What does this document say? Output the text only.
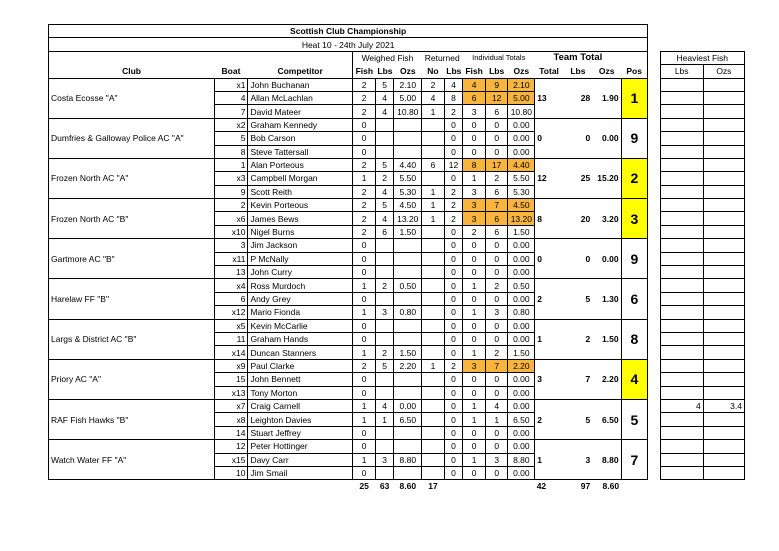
Scottish Club Championship																	
Heat 10 - 24th July 2021																	
			Weighed Fish			Returned		Individual Totals			Team Total					Heaviest Fish	
Club	Boat	Competitor	Fish	Lbs	Ozs	No	Lbs	Fish	Lbs	Ozs	Total	Lbs	Ozs	Pos		Lbs	Ozs
Costa Ecosse "A"	x1	John Buchanan	2	5	2.10	2	4	4	9	2.10	13	28	1.90	1			
	4	Allan McLachlan	2	4	5.00	4	8	6	12	5.00							
	7	David Mateer	2	4	10.80	1	2	3	6	10.80							
Dumfries & Galloway Police AC "A"	x2	Graham Kennedy	0				0	0	0	0.00	0	0	0.00	9			
	5	Bob Carson	0				0	0	0	0.00							
	8	Steve Tattersall	0				0	0	0	0.00							
Frozen North AC "A"	1	Alan Porteous	2	5	4.40	6	12	8	17	4.40	12	25	15.20	2			
	x3	Campbell Morgan	1	2	5.50		0	1	2	5.50							
	9	Scott Reith	2	4	5.30	1	2	3	6	5.30							
Frozen North AC "B"	2	Kevin Porteous	2	5	4.50	1	2	3	7	4.50	8	20	3.20	3			
	x6	James Bews	2	4	13.20	1	2	3	6	13.20							
	x10	Nigel Burns	2	6	1.50		0	2	6	1.50							
Gartmore AC "B"	3	Jim Jackson	0				0	0	0	0.00	0	0	0.00	9			
	x11	P McNally	0				0	0	0	0.00							
	13	John Curry	0				0	0	0	0.00							
Harelaw FF "B"	x4	Ross Murdoch	1	2	0.50		0	1	2	0.50	2	5	1.30	6			
	6	Andy Grey	0				0	0	0	0.00							
	x12	Mario Fionda	1	3	0.80		0	1	3	0.80							
Largs & District AC "B"	x5	Kevin McCarlie	0				0	0	0	0.00	1	2	1.50	8			
	11	Graham Hands	0				0	0	0	0.00							
	x14	Duncan Stanners	1	2	1.50		0	1	2	1.50							
Priory AC "A"	x9	Paul Clarke	2	5	2.20	1	2	3	7	2.20	3	7	2.20	4			
	15	John Bennett	0				0	0	0	0.00							
	x13	Tony Morton	0				0	0	0	0.00							
RAF Fish Hawks "B"	x7	Craig Carnell	1	4	0.00		0	1	4	0.00	2	5	6.50	5		4	3.4
	x8	Leighton Davies	1	1	6.50		0	1	1	6.50							
	14	Stuart Jeffrey	0				0	0	0	0.00							
Watch Water FF "A"	12	Peter Hottinger	0				0	0	0	0.00	1	3	8.80	7			
	x15	Davy Carr	1	3	8.80		0	1	3	8.80							
	10	Jim Smail	0				0	0	0	0.00							
			25	63	8.60	17					42	97	8.60				
